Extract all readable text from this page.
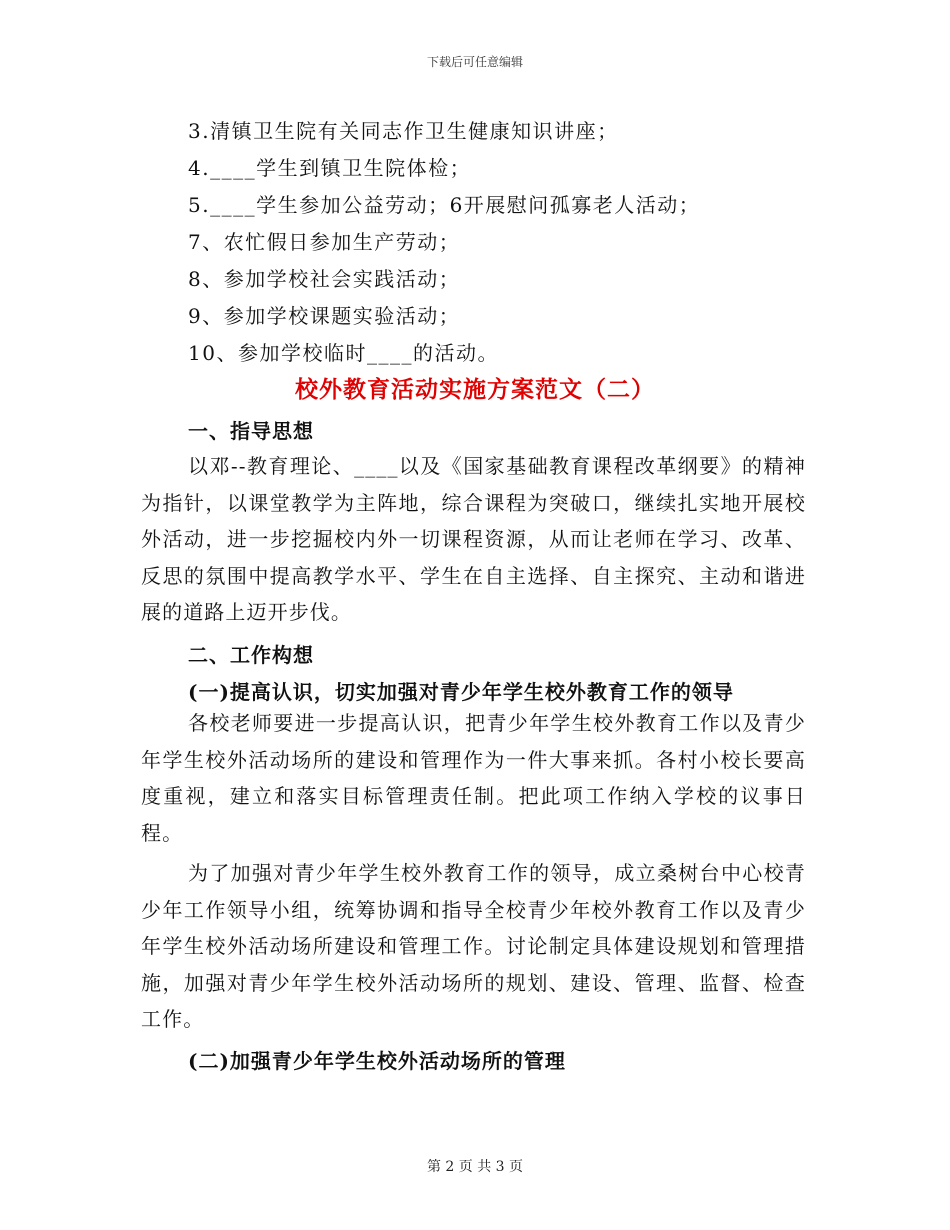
下载后可任意编辑
3.清镇卫生院有关同志作卫生健康知识讲座；
4.____学生到镇卫生院体检；
5.____学生参加公益劳动；6开展慰问孤寡老人活动；
7、农忙假日参加生产劳动；
8、参加学校社会实践活动；
9、参加学校课题实验活动；
10、参加学校临时____的活动。
校外教育活动实施方案范文（二）
一、指导思想

以邓--教育理论、____以及《国家基础教育课程改革纲要》的精神为指针，以课堂教学为主阵地，综合课程为突破口，继续扎实地开展校外活动，进一步挖掘校内外一切课程资源，从而让老师在学习、改革、反思的氛围中提高教学水平、学生在自主选择、自主探究、主动和谐进展的道路上迈开步伐。

二、工作构想
(一)提高认识，切实加强对青少年学生校外教育工作的领导

各校老师要进一步提高认识，把青少年学生校外教育工作以及青少年学生校外活动场所的建设和管理作为一件大事来抓。各村小校长要高度重视，建立和落实目标管理责任制。把此项工作纳入学校的议事日程。

为了加强对青少年学生校外教育工作的领导，成立桑树台中心校青少年工作领导小组，统筹协调和指导全校青少年校外教育工作以及青少年学生校外活动场所建设和管理工作。讨论制定具体建设规划和管理措施，加强对青少年学生校外活动场所的规划、建设、管理、监督、检查工作。

(二)加强青少年学生校外活动场所的管理
第 2 页 共 3 页
